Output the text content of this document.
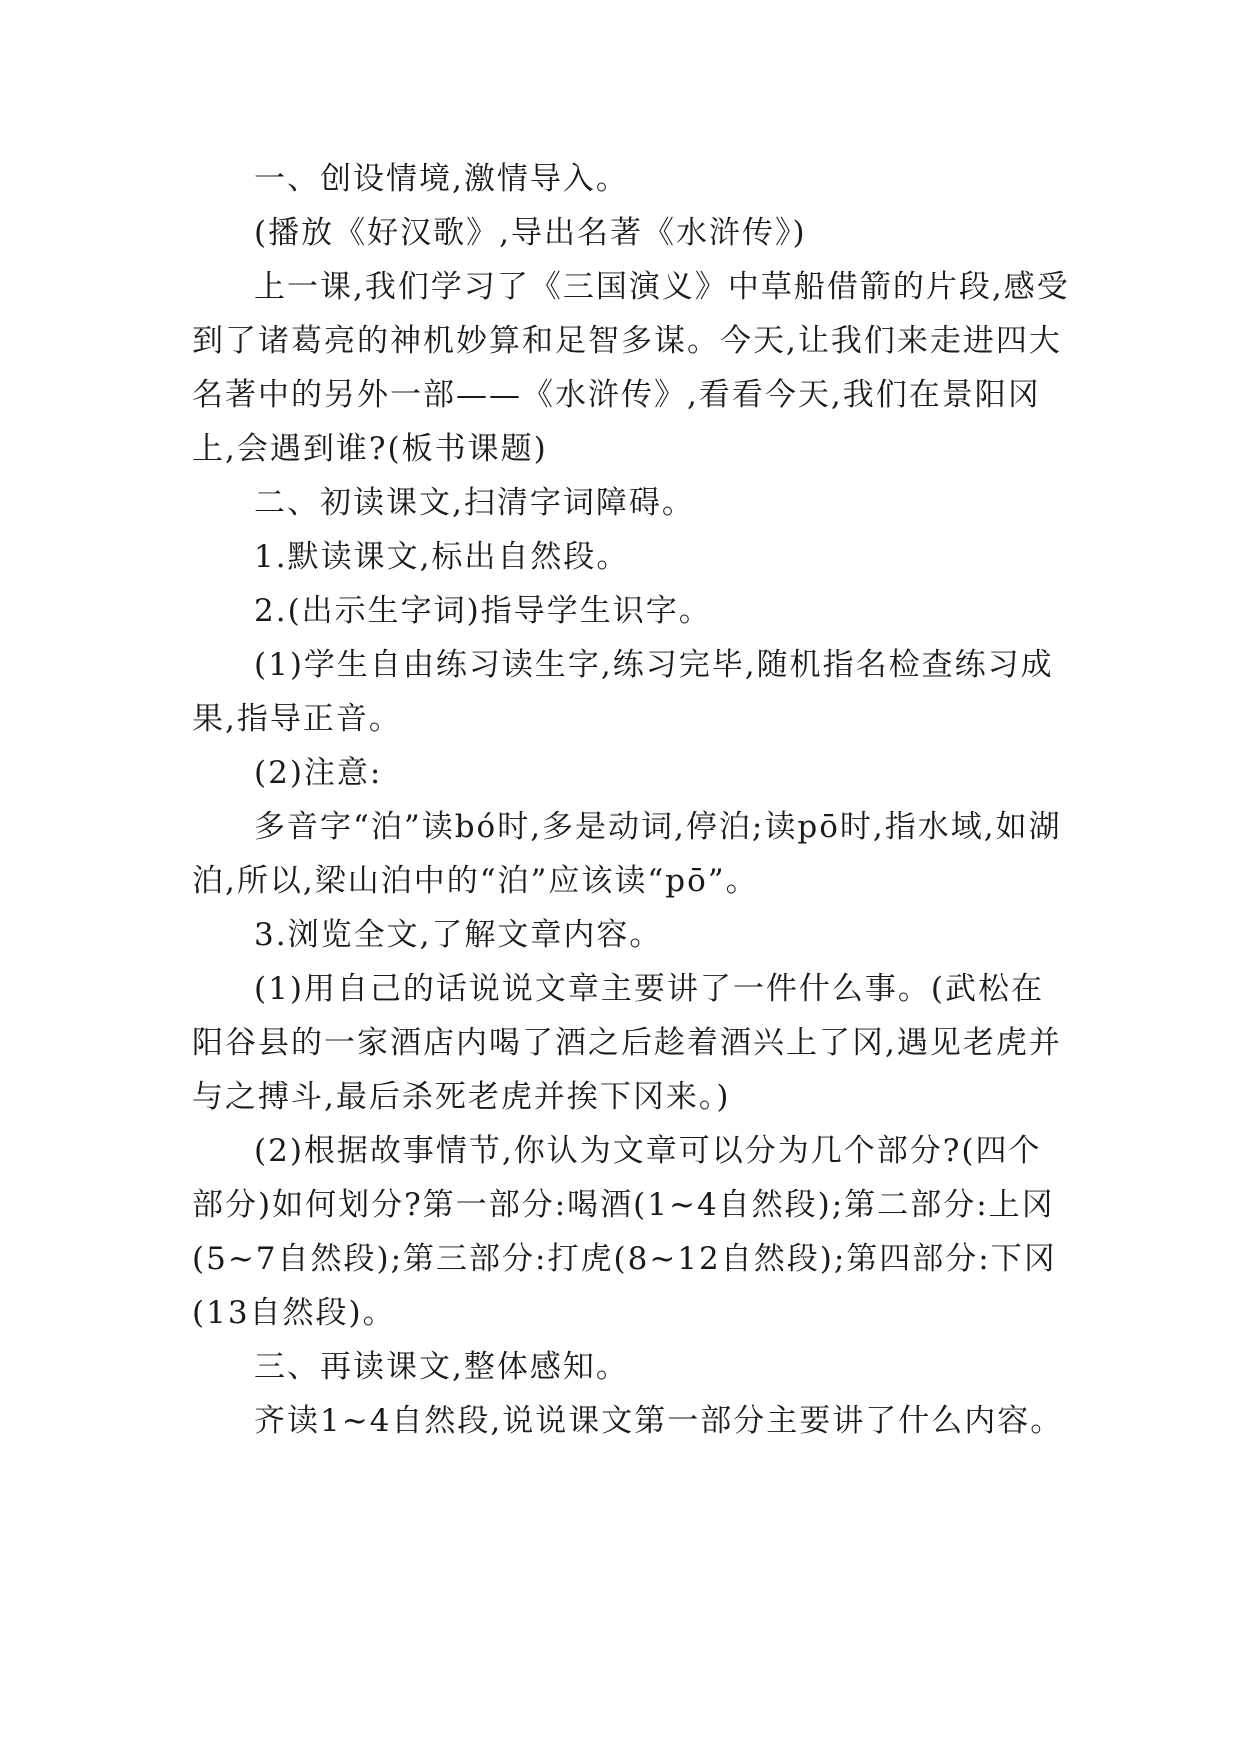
一、创设情境,激情导入。

(播放《好汉歌》,导出名著《水浒传》)

上一课,我们学习了《三国演义》中草船借箭的片段,感受到了诸葛亮的神机妙算和足智多谋。今天,让我们来走进四大名著中的另外一部——《水浒传》,看看今天,我们在景阳冈上,会遇到谁?(板书课题)

二、初读课文,扫清字词障碍。

1.默读课文,标出自然段。

2.(出示生字词)指导学生识字。

(1)学生自由练习读生字,练习完毕,随机指名检查练习成果,指导正音。

(2)注意:

多音字“泊”读bó时,多是动词,停泊;读pō时,指水域,如湖泊,所以,梁山泊中的“泊”应该读“pō”。

3.浏览全文,了解文章内容。

(1)用自己的话说说文章主要讲了一件什么事。(武松在阳谷县的一家酒店内喝了酒之后趁着酒兴上了冈,遇见老虎并与之搏斗,最后杀死老虎并挨下冈来。)

(2)根据故事情节,你认为文章可以分为几个部分?(四个部分)如何划分?第一部分:喝酒(1~4自然段);第二部分:上冈(5~7自然段);第三部分:打虎(8~12自然段);第四部分:下冈(13自然段)。

三、再读课文,整体感知。

齐读1~4自然段,说说课文第一部分主要讲了什么内容。
